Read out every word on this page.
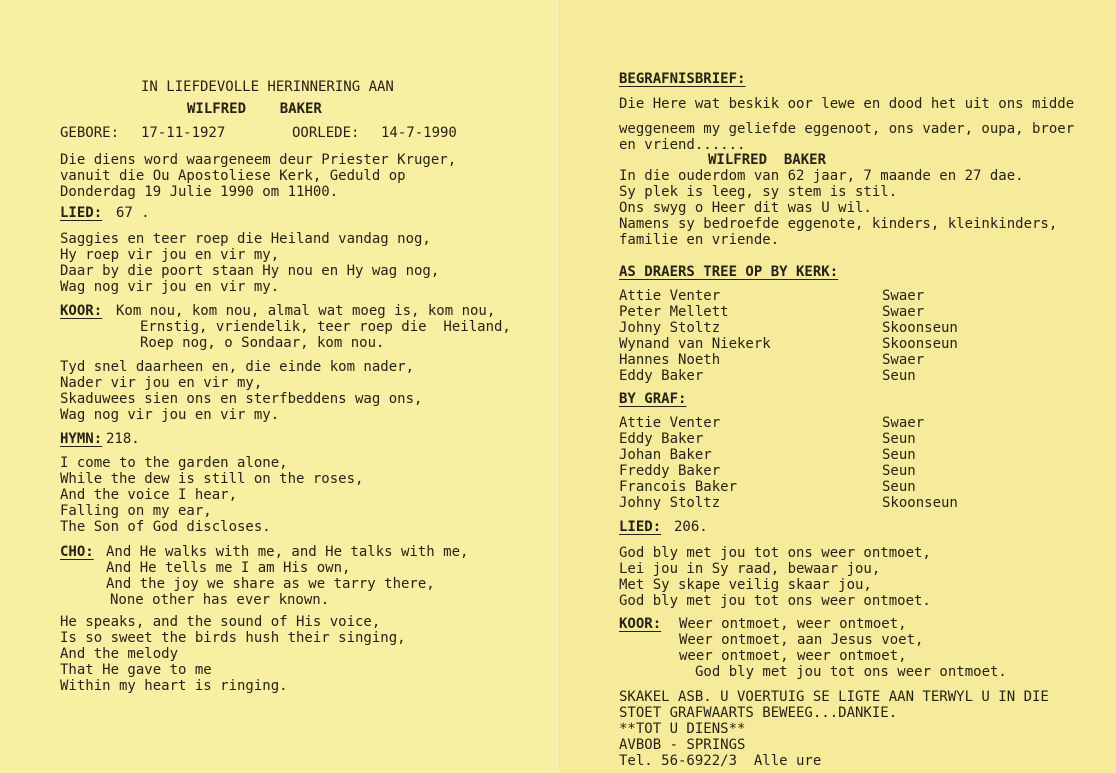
IN LIEFDEVOLLE HERINNERING AAN
WILFRED    BAKER
GEBORE: 17-11-1927	OORLEDE: 14-7-1990
Die diens word waargeneem deur Priester Kruger,
vanuit die Ou Apostoliese Kerk, Geduld op
Donderdag 19 Julie 1990 om 11H00.
LIED: 67 .
Saggies en teer roep die Heiland vandag nog,
Hy roep vir jou en vir my,
Daar by die poort staan Hy nou en Hy wag nog,
Wag nog vir jou en vir my.
KOOR: Kom nou, kom nou, almal wat moeg is, kom nou,
Ernstig, vriendelik, teer roep die  Heiland,
Roep nog, o Sondaar, kom nou.
Tyd snel daarheen en, die einde kom nader,
Nader vir jou en vir my,
Skaduwees sien ons en sterfbeddens wag ons,
Wag nog vir jou en vir my.
HYMN: 218.
I come to the garden alone,
While the dew is still on the roses,
And the voice I hear,
Falling on my ear,
The Son of God discloses.
CHO: And He walks with me, and He talks with me,
And He tells me I am His own,
And the joy we share as we tarry there,
None other has ever known.
He speaks, and the sound of His voice,
Is so sweet the birds hush their singing,
And the melody
That He gave to me
Within my heart is ringing.
BEGRAFNISBRIEF:
Die Here wat beskik oor lewe en dood het uit ons midde
weggeneem my geliefde eggenoot, ons vader, oupa, broer
en vriend......
WILFRED  BAKER
In die ouderdom van 62 jaar, 7 maande en 27 dae.
Sy plek is leeg, sy stem is stil.
Ons swyg o Heer dit was U wil.
Namens sy bedroefde eggenote, kinders, kleinkinders,
familie en vriende.
AS DRAERS TREE OP BY KERK:
Attie Venter	Swaer
Peter Mellett	Swaer
Johny Stoltz	Skoonseun
Wynand van Niekerk	Skoonseun
Hannes Noeth	Swaer
Eddy Baker	Seun
BY GRAF:
Attie Venter	Swaer
Eddy Baker	Seun
Johan Baker	Seun
Freddy Baker	Seun
Francois Baker	Seun
Johny Stoltz	Skoonseun
LIED: 206.
God bly met jou tot ons weer ontmoet,
Lei jou in Sy raad, bewaar jou,
Met Sy skape veilig skaar jou,
God bly met jou tot ons weer ontmoet.
KOOR: Weer ontmoet, weer ontmoet,
Weer ontmoet, aan Jesus voet,
weer ontmoet, weer ontmoet,
God bly met jou tot ons weer ontmoet.
SKAKEL ASB. U VOERTUIG SE LIGTE AAN TERWYL U IN DIE
STOET GRAFWAARTS BEWEEG...DANKIE.
**TOT U DIENS**
AVBOB - SPRINGS
Tel. 56-6922/3  Alle ure
